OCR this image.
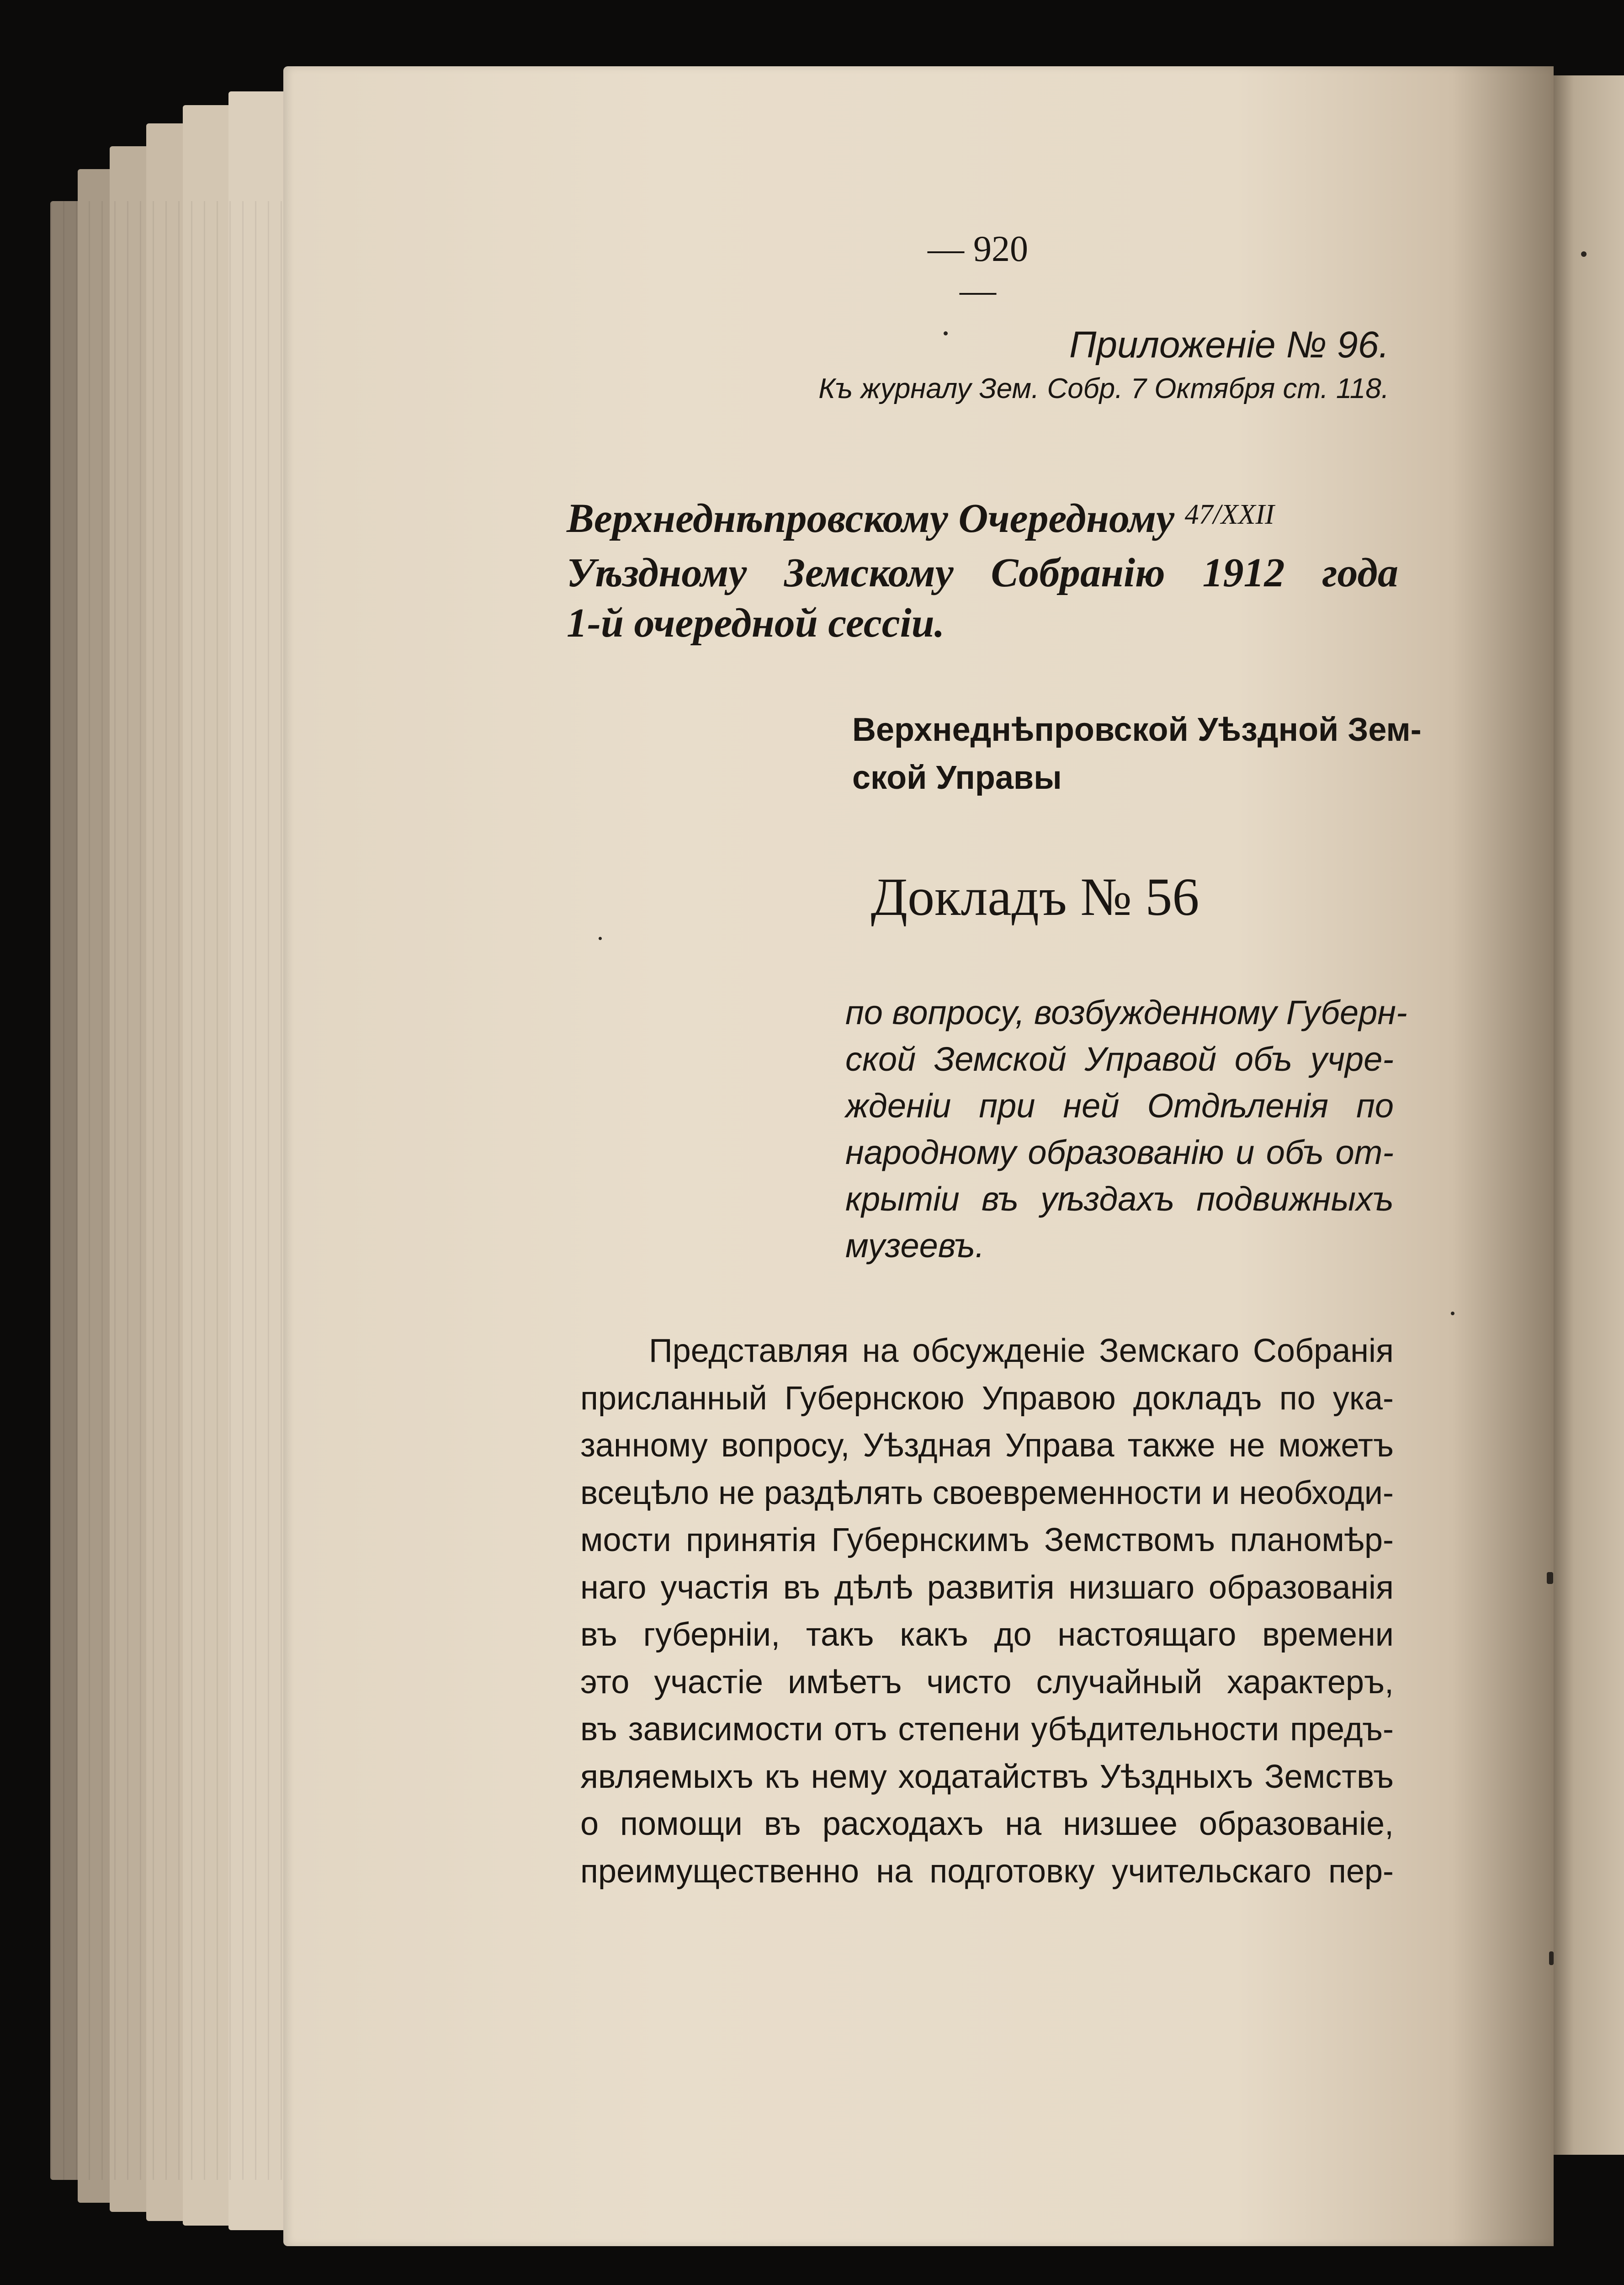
— 920 —
Приложеніе № 96.
Къ журналу Зем. Собр. 7 Октября ст. 118.
Верхнеднѣпровскому Очередному $^{47/XXII}$
Уѣздному Земскому Собранію 1912 года
1-й очередной сессіи.
Верхнеднѣпровской Уѣздной Зем-
ской Управы
Докладъ № 56
по вопросу, возбужденному Губерн-
ской Земской Управой объ учре-
жденіи при ней Отдѣленія по
народному образованію и объ от-
крытіи въ уѣздахъ подвижныхъ
музеевъ.
Представляя на обсужденіе Земскаго Собранія
присланный Губернскою Управою докладъ по ука-
занному вопросу, Уѣздная Управа также не можетъ
всецѣло не раздѣлять своевременности и необходи-
мости принятія Губернскимъ Земствомъ планомѣр-
наго участія въ дѣлѣ развитія низшаго образованія
въ губерніи, такъ какъ до настоящаго времени
это участіе имѣетъ чисто случайный характеръ,
въ зависимости отъ степени убѣдительности предъ-
являемыхъ къ нему ходатайствъ Уѣздныхъ Земствъ
о помощи въ расходахъ на низшее образованіе,
преимущественно на подготовку учительскаго пер-
